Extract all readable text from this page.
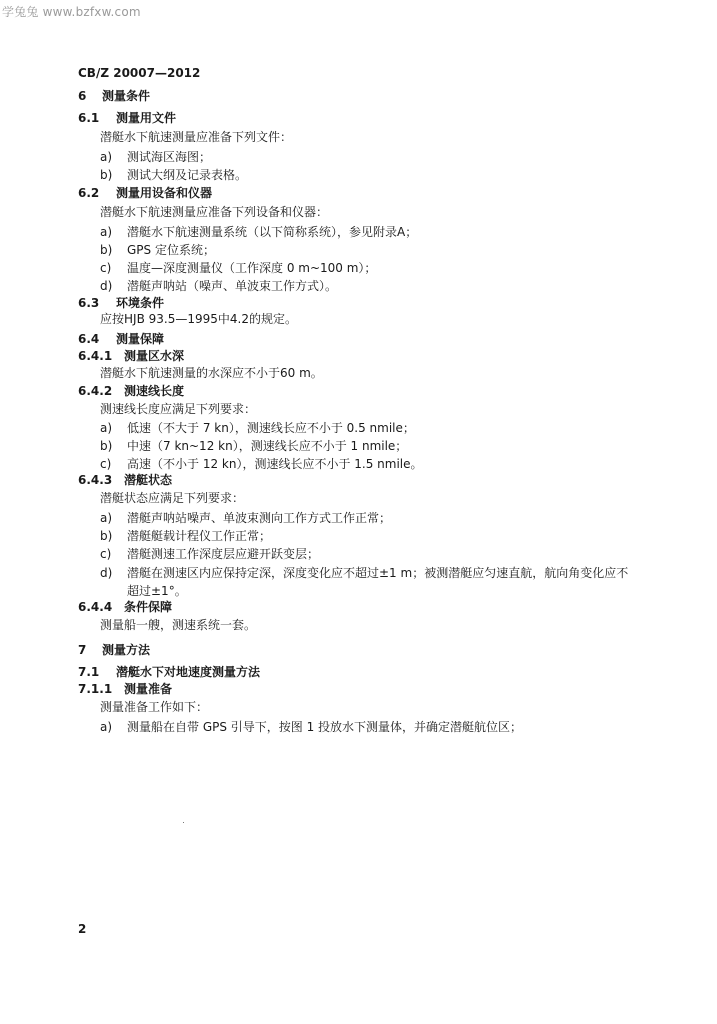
学兔兔 www.bzfxw.com
CB/Z 20007—2012
6 测量条件
6.1 测量用文件
潜艇水下航速测量应准备下列文件：
a) 测试海区海图；
b) 测试大纲及记录表格。
6.2 测量用设备和仪器
潜艇水下航速测量应准备下列设备和仪器：
a) 潜艇水下航速测量系统（以下简称系统），参见附录A；
b) GPS 定位系统；
c) 温度—深度测量仪（工作深度 0 m~100 m）；
d) 潜艇声呐站（噪声、单波束工作方式）。
6.3 环境条件
应按HJB 93.5—1995中4.2的规定。
6.4 测量保障
6.4.1 测量区水深
潜艇水下航速测量的水深应不小于60 m。
6.4.2 测速线长度
测速线长度应满足下列要求：
a) 低速（不大于 7 kn），测速线长应不小于 0.5 nmile；
b) 中速（7 kn~12 kn），测速线长应不小于 1 nmile；
c) 高速（不小于 12 kn），测速线长应不小于 1.5 nmile。
6.4.3 潜艇状态
潜艇状态应满足下列要求：
a) 潜艇声呐站噪声、单波束测向工作方式工作正常；
b) 潜艇艇载计程仪工作正常；
c) 潜艇测速工作深度层应避开跃变层；
d) 潜艇在测速区内应保持定深，深度变化应不超过±1 m；被测潜艇应匀速直航，航向角变化应不
超过±1°。
6.4.4 条件保障
测量船一艘，测速系统一套。
7 测量方法
7.1 潜艇水下对地速度测量方法
7.1.1 测量准备
测量准备工作如下：
a) 测量船在自带 GPS 引导下，按图 1 投放水下测量体，并确定潜艇航位区；
2
